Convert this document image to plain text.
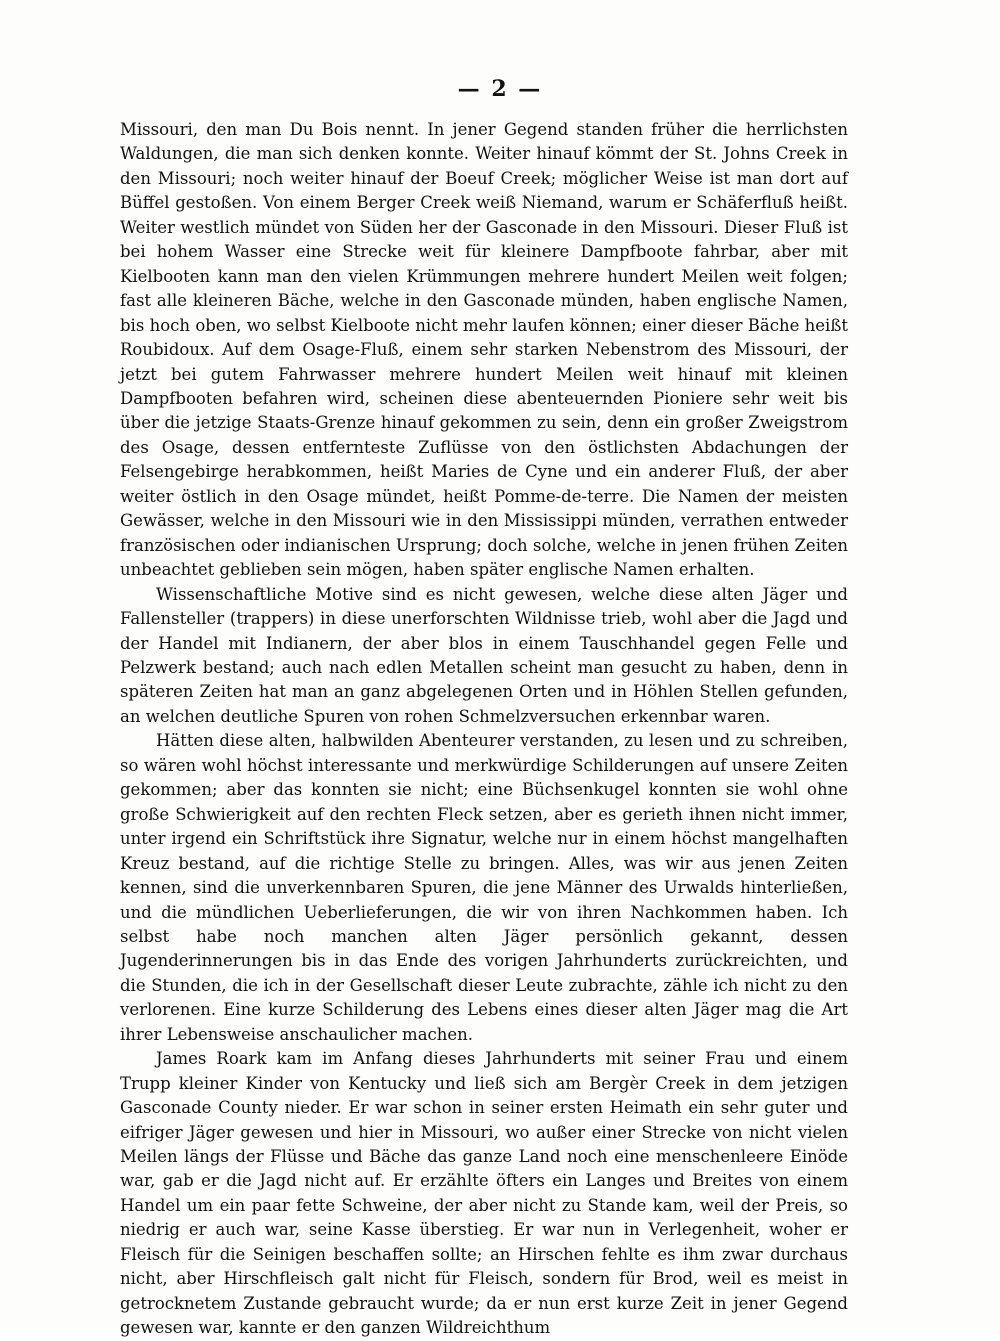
— 2 —

Missouri, den man Du Bois nennt. In jener Gegend standen früher die herrlichsten Waldungen, die man sich denken konnte. Weiter hinauf kömmt der St. Johns Creek in den Missouri; noch weiter hinauf der Boeuf Creek; möglicher Weise ist man dort auf Büffel gestoßen. Von einem Berger Creek weiß Niemand, warum er Schäferfluß heißt. Weiter westlich mündet von Süden her der Gasconade in den Missouri. Dieser Fluß ist bei hohem Wasser eine Strecke weit für kleinere Dampfboote fahrbar, aber mit Kielbooten kann man den vielen Krümmungen mehrere hundert Meilen weit folgen; fast alle kleineren Bäche, welche in den Gasconade münden, haben englische Namen, bis hoch oben, wo selbst Kielboote nicht mehr laufen können; einer dieser Bäche heißt Roubidoux. Auf dem Osage-Fluß, einem sehr starken Nebenstrom des Missouri, der jetzt bei gutem Fahrwasser mehrere hundert Meilen weit hinauf mit kleinen Dampfbooten befahren wird, scheinen diese abenteuernden Pioniere sehr weit bis über die jetzige Staats-Grenze hinauf gekommen zu sein, denn ein großer Zweigstrom des Osage, dessen entfernteste Zuflüsse von den östlichsten Abdachungen der Felsengebirge herabkommen, heißt Maries de Cyne und ein anderer Fluß, der aber weiter östlich in den Osage mündet, heißt Pomme-de-terre. Die Namen der meisten Gewässer, welche in den Missouri wie in den Mississippi münden, verrathen entweder französischen oder indianischen Ursprung; doch solche, welche in jenen frühen Zeiten unbeachtet geblieben sein mögen, haben später englische Namen erhalten.

Wissenschaftliche Motive sind es nicht gewesen, welche diese alten Jäger und Fallensteller (trappers) in diese unerforschten Wildnisse trieb, wohl aber die Jagd und der Handel mit Indianern, der aber blos in einem Tauschhandel gegen Felle und Pelzwerk bestand; auch nach edlen Metallen scheint man gesucht zu haben, denn in späteren Zeiten hat man an ganz abgelegenen Orten und in Höhlen Stellen gefunden, an welchen deutliche Spuren von rohen Schmelzversuchen erkennbar waren.

Hätten diese alten, halbwilden Abenteurer verstanden, zu lesen und zu schreiben, so wären wohl höchst interessante und merkwürdige Schilderungen auf unsere Zeiten gekommen; aber das konnten sie nicht; eine Büchsenkugel konnten sie wohl ohne große Schwierigkeit auf den rechten Fleck setzen, aber es gerieth ihnen nicht immer, unter irgend ein Schriftstück ihre Signatur, welche nur in einem höchst mangelhaften Kreuz bestand, auf die richtige Stelle zu bringen. Alles, was wir aus jenen Zeiten kennen, sind die unverkennbaren Spuren, die jene Männer des Urwalds hinterließen, und die mündlichen Ueberlieferungen, die wir von ihren Nachkommen haben. Ich selbst habe noch manchen alten Jäger persönlich gekannt, dessen Jugenderinnerungen bis in das Ende des vorigen Jahrhunderts zurückreichten, und die Stunden, die ich in der Gesellschaft dieser Leute zubrachte, zähle ich nicht zu den verlorenen. Eine kurze Schilderung des Lebens eines dieser alten Jäger mag die Art ihrer Lebensweise anschaulicher machen.

James Roark kam im Anfang dieses Jahrhunderts mit seiner Frau und einem Trupp kleiner Kinder von Kentucky und ließ sich am Bergèr Creek in dem jetzigen Gasconade County nieder. Er war schon in seiner ersten Heimath ein sehr guter und eifriger Jäger gewesen und hier in Missouri, wo außer einer Strecke von nicht vielen Meilen längs der Flüsse und Bäche das ganze Land noch eine menschenleere Einöde war, gab er die Jagd nicht auf. Er erzählte öfters ein Langes und Breites von einem Handel um ein paar fette Schweine, der aber nicht zu Stande kam, weil der Preis, so niedrig er auch war, seine Kasse überstieg. Er war nun in Verlegenheit, woher er Fleisch für die Seinigen beschaffen sollte; an Hirschen fehlte es ihm zwar durchaus nicht, aber Hirschfleisch galt nicht für Fleisch, sondern für Brod, weil es meist in getrocknetem Zustande gebraucht wurde; da er nun erst kurze Zeit in jener Gegend gewesen war, kannte er den ganzen Wildreichthum
